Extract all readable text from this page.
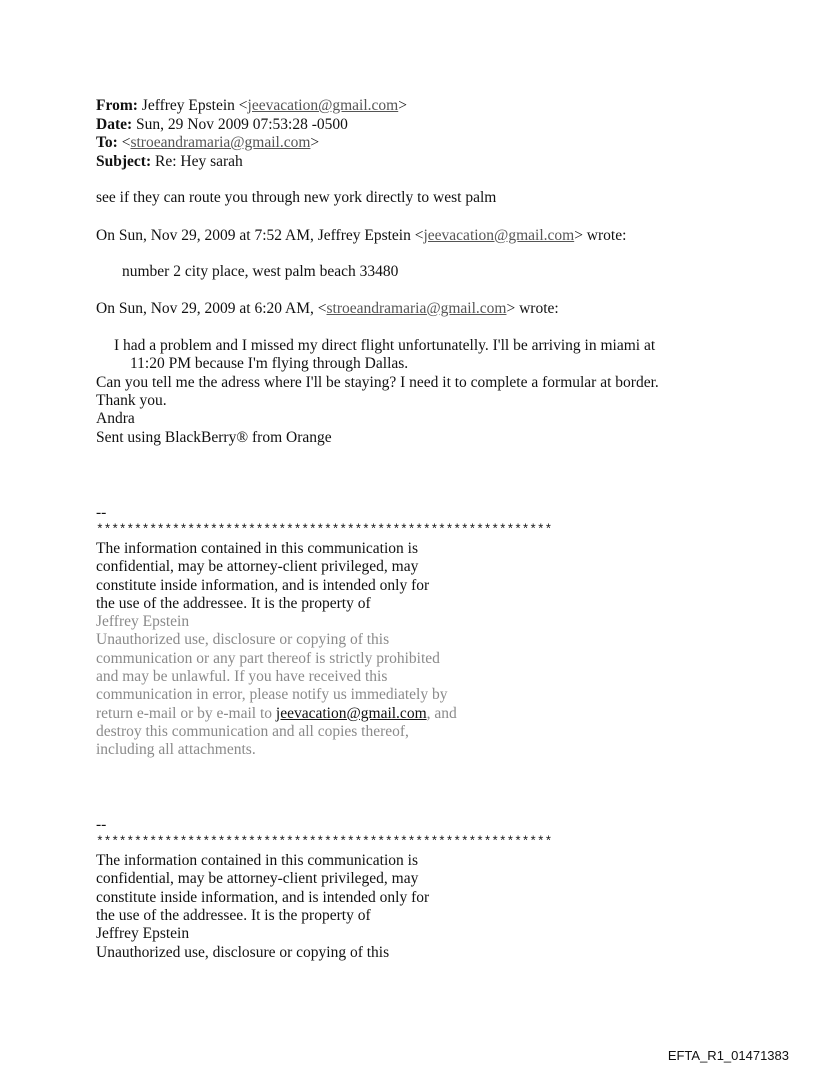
From: Jeffrey Epstein <jeevacation@gmail.com>
Date: Sun, 29 Nov 2009 07:53:28 -0500
To: <stroeandramaria@gmail.com>
Subject: Re: Hey sarah
see if they can route you through new york directly to west palm
On Sun, Nov 29, 2009 at 7:52 AM, Jeffrey Epstein <jeevacation@gmail.com> wrote:
number 2 city place, west palm beach 33480
On Sun, Nov 29, 2009 at 6:20 AM, <stroeandramaria@gmail.com> wrote:
I had a problem and I missed my direct flight unfortunatelly. I'll be arriving in miami at
11:20 PM because I'm flying through Dallas.
Can you tell me the adress where I'll be staying? I need it to complete a formular at border.
Thank you.
Andra
Sent using BlackBerry® from Orange
--
************************************************************
The information contained in this communication is
confidential, may be attorney-client privileged, may
constitute inside information, and is intended only for
the use of the addressee. It is the property of
Jeffrey Epstein
Unauthorized use, disclosure or copying of this
communication or any part thereof is strictly prohibited
and may be unlawful. If you have received this
communication in error, please notify us immediately by
return e-mail or by e-mail to jeevacation@gmail.com, and
destroy this communication and all copies thereof,
including all attachments.
--
************************************************************
The information contained in this communication is
confidential, may be attorney-client privileged, may
constitute inside information, and is intended only for
the use of the addressee. It is the property of
Jeffrey Epstein
Unauthorized use, disclosure or copying of this
EFTA_R1_01471383
